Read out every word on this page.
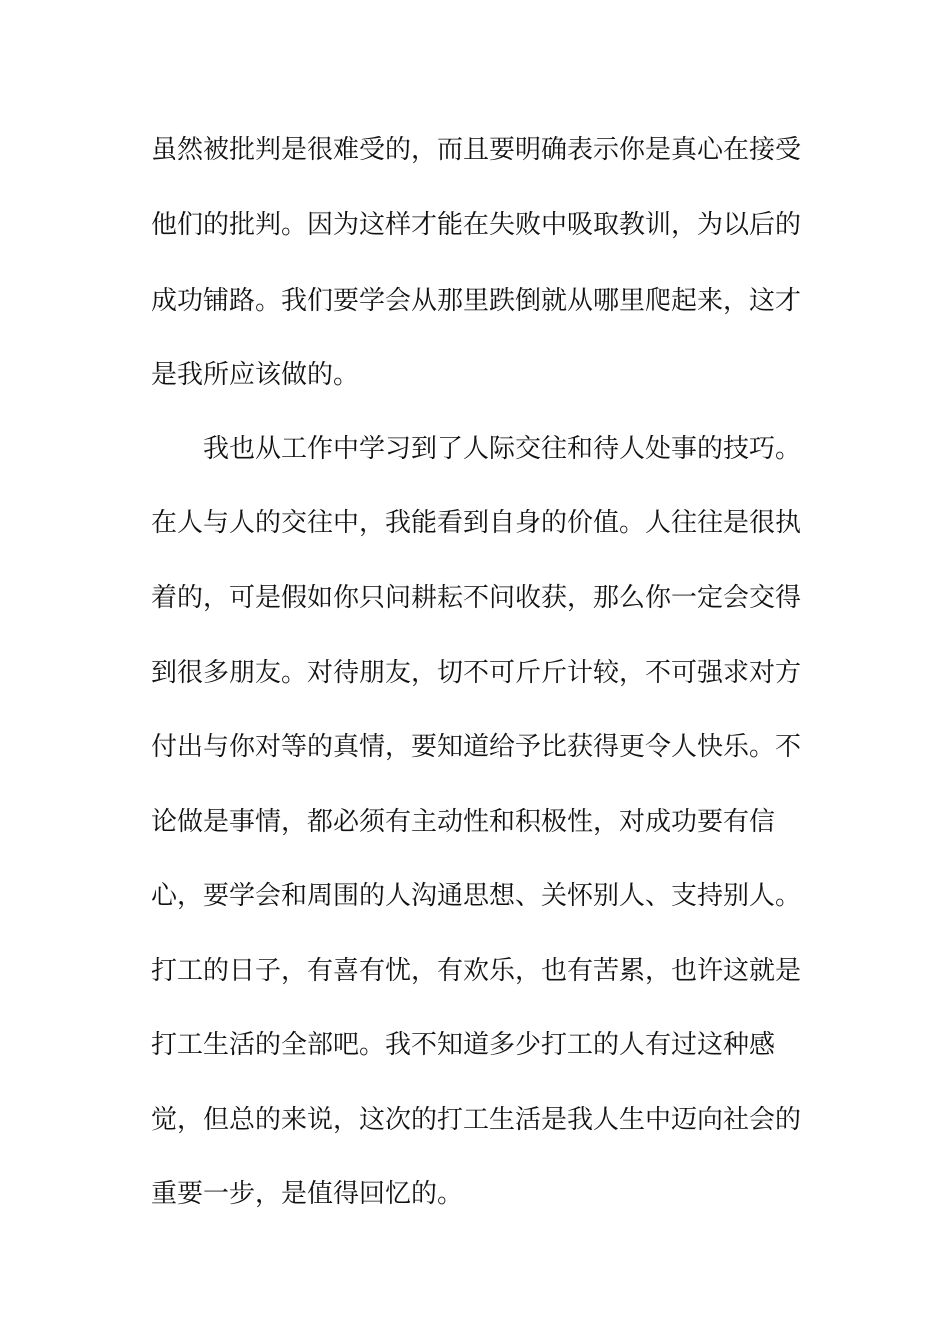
虽然被批判是很难受的，而且要明确表示你是真心在接受
他们的批判。因为这样才能在失败中吸取教训，为以后的
成功铺路。我们要学会从那里跌倒就从哪里爬起来，这才
是我所应该做的。
我也从工作中学习到了人际交往和待人处事的技巧。
在人与人的交往中，我能看到自身的价值。人往往是很执
着的，可是假如你只问耕耘不问收获，那么你一定会交得
到很多朋友。对待朋友，切不可斤斤计较，不可强求对方
付出与你对等的真情，要知道给予比获得更令人快乐。不
论做是事情，都必须有主动性和积极性，对成功要有信
心，要学会和周围的人沟通思想、关怀别人、支持别人。
打工的日子，有喜有忧，有欢乐，也有苦累，也许这就是
打工生活的全部吧。我不知道多少打工的人有过这种感
觉，但总的来说，这次的打工生活是我人生中迈向社会的
重要一步，是值得回忆的。
